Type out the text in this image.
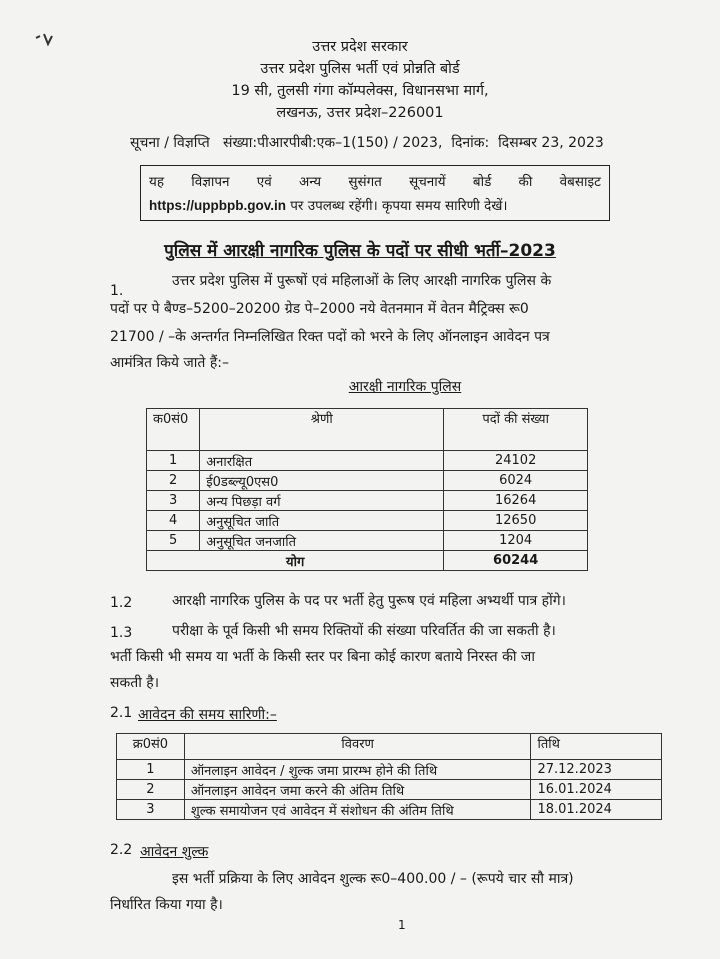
उत्तर प्रदेश सरकार
उत्तर प्रदेश पुलिस भर्ती एवं प्रोन्नति बोर्ड
19 सी, तुलसी गंगा कॉम्पलेक्स, विधानसभा मार्ग,
लखनऊ, उत्तर प्रदेश–226001
सूचना / विज्ञप्ति संख्या:पीआरपीबी:एक–1(150) / 2023, दिनांक: दिसम्बर 23, 2023
यह विज्ञापन एवं अन्य सुसंगत सूचनायें बोर्ड की वेबसाइट
https://uppbpb.gov.in पर उपलब्ध रहेंगी। कृपया समय सारिणी देखें।
पुलिस में आरक्षी नागरिक पुलिस के पदों पर सीधी भर्ती–2023
1.
उत्तर प्रदेश पुलिस में पुरूषों एवं महिलाओं के लिए आरक्षी नागरिक पुलिस के
पदों पर पे बैण्ड–5200–20200 ग्रेड पे–2000 नये वेतनमान में वेतन मैट्रिक्स रू0
21700 / –के अन्तर्गत निम्नलिखित रिक्त पदों को भरने के लिए ऑनलाइन आवेदन पत्र
आमंत्रित किये जाते हैं:–
आरक्षी नागरिक पुलिस
क0सं0	श्रेणी	पदों की संख्या
1	अनारक्षित	24102
2	ई0डब्ल्यू0एस0	6024
3	अन्य पिछड़ा वर्ग	16264
4	अनुसूचित जाति	12650
5	अनुसूचित जनजाति	1204
योग		60244
1.2	आरक्षी नागरिक पुलिस के पद पर भर्ती हेतु पुरूष एवं महिला अभ्यर्थी पात्र होंगे।
1.3	परीक्षा के पूर्व किसी भी समय रिक्तियों की संख्या परिवर्तित की जा सकती है।
भर्ती किसी भी समय या भर्ती के किसी स्तर पर बिना कोई कारण बताये निरस्त की जा
सकती है।
2.1 आवेदन की समय सारिणी:–
क्र0सं0	विवरण	तिथि
1	ऑनलाइन आवेदन / शुल्क जमा प्रारम्भ होने की तिथि	27.12.2023
2	ऑनलाइन आवेदन जमा करने की अंतिम तिथि	16.01.2024
3	शुल्क समायोजन एवं आवेदन में संशोधन की अंतिम तिथि	18.01.2024
2.2 आवेदन शुल्क
इस भर्ती प्रक्रिया के लिए आवेदन शुल्क रू0–400.00 / – (रूपये चार सौ मात्र)
निर्धारित किया गया है।
1
